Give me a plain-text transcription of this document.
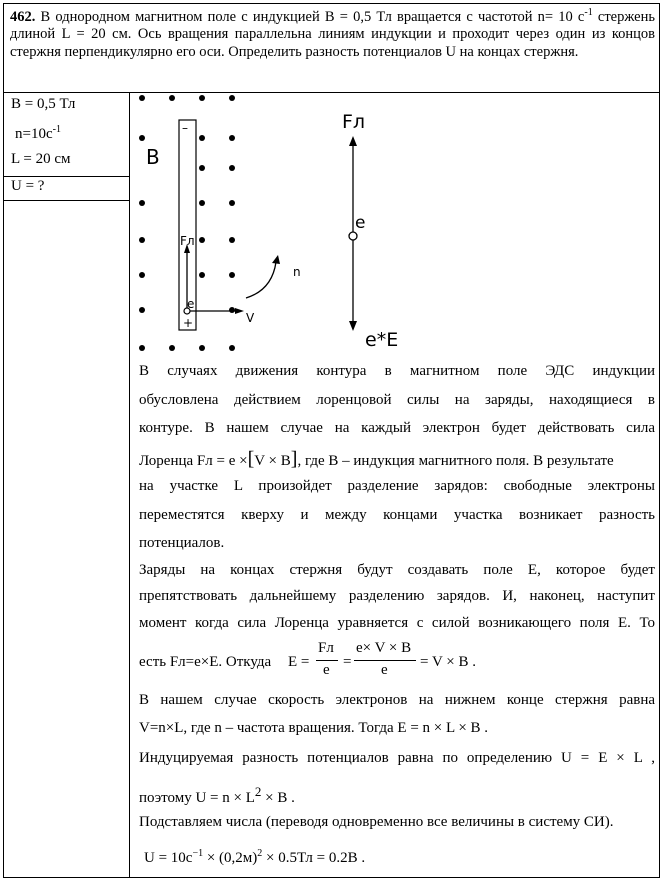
462. В однородном магнитном поле с индукцией B = 0,5 Тл вращается с частотой n= 10 $с^{-1}$ стержень длиной L = 20 см. Ось вращения параллельна линиям индукции и проходит через один из концов стержня перпендикулярно его оси. Определить разность потенциалов U на концах стержня.
B = 0,5 Тл
$n=10с^{-1}$
L = 20 см
U = ?
B
–
+
Fл
e
V
n
Fл
e
e*E
В случаях движения контура в магнитном поле ЭДС индукции
обусловлена действием лоренцовой силы на заряды, находящиеся в
контуре. В нашем случае на каждый электрон будет действовать сила
Лоренца Fл = e ×[V × B], где B – индукция магнитного поля. В результате
на участке L произойдет разделение зарядов: свободные электроны
переместятся кверху и между концами участка возникает разность
потенциалов.
Заряды на концах стержня будут создавать поле E, которое будет
препятствовать дальнейшему разделению зарядов. И, наконец, наступит
момент когда сила Лоренца уравняется с силой возникающего поля E. То
есть Fл=e×E. Откуда	E =
Fл
e =
e× V × B
e = V × B .
В нашем случае скорость электронов на нижнем конце стержня равна
V=n×L, где n – частота вращения. Тогда E = n × L × B .
Индуцируемая разность потенциалов равна по определению U = E × L ,
поэтому $U = n \times L^2 \times B$ .
Подставляем числа (переводя одновременно все величины в систему СИ).
$U = 10с^{-1} \times (0,2м)^2 \times 0.5Тл = 0.2В$ .
